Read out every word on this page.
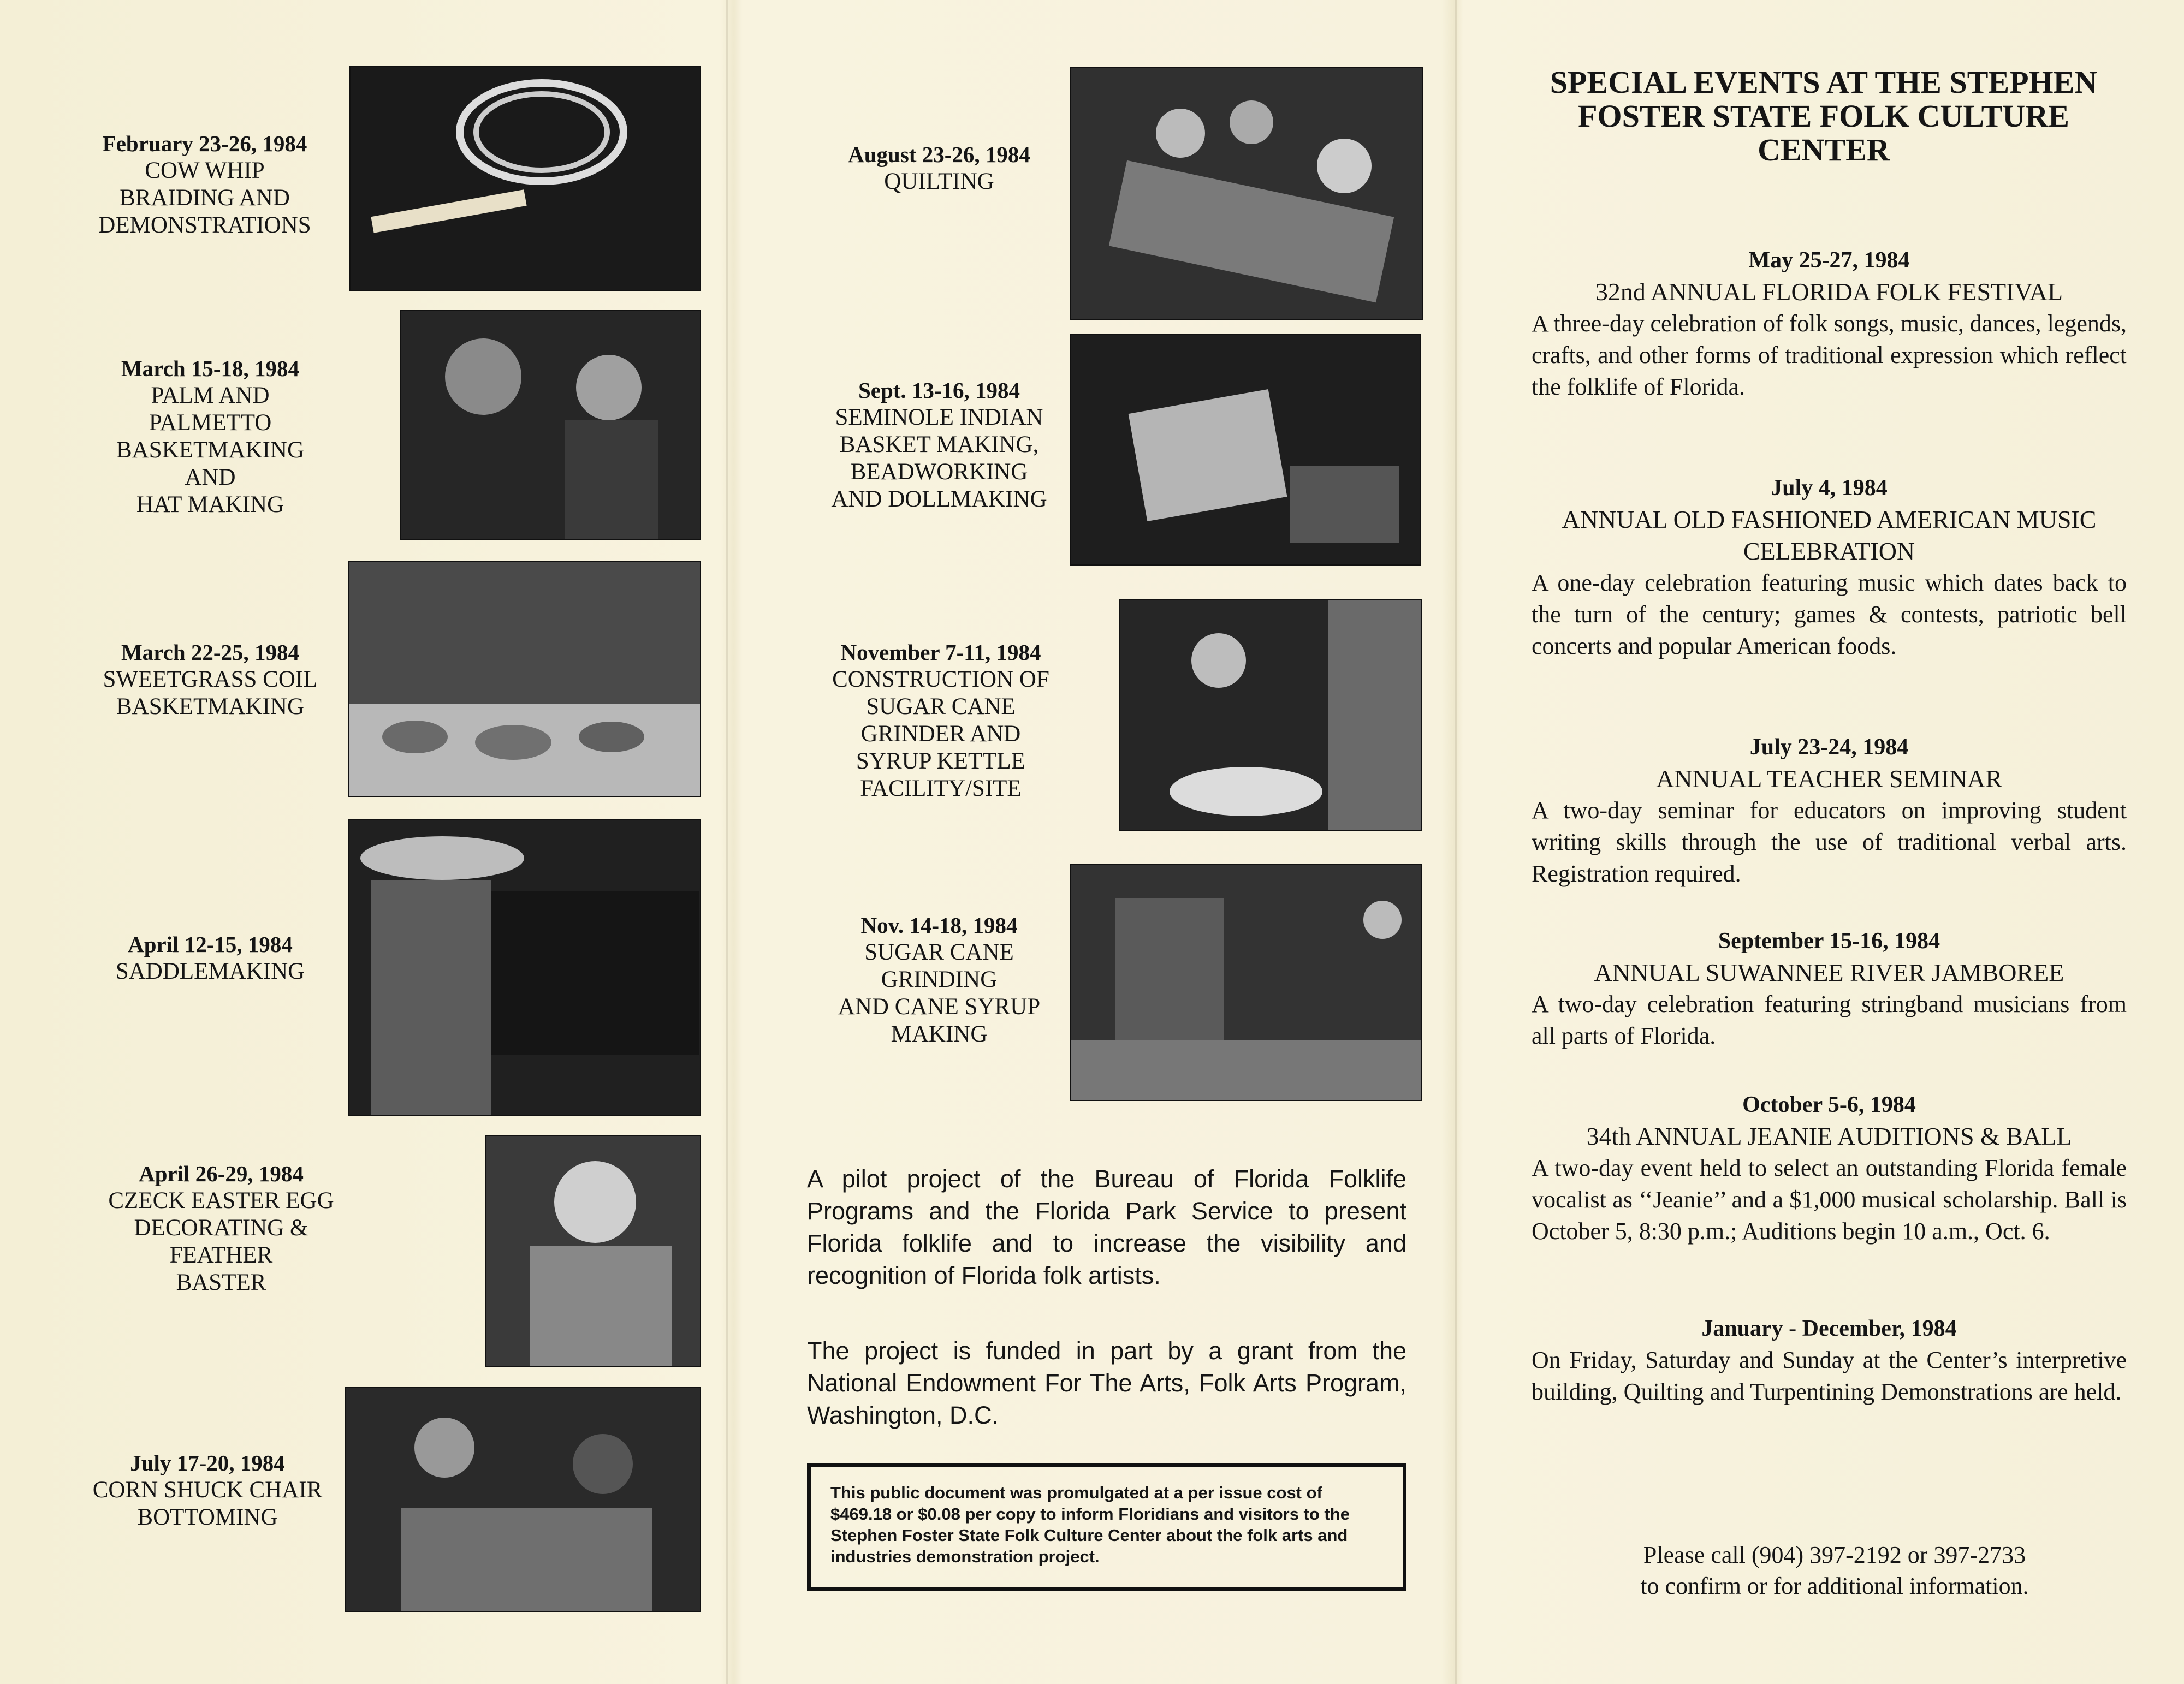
February 23-26, 1984
COW WHIP
BRAIDING AND
DEMONSTRATIONS
March 15-18, 1984
PALM AND
PALMETTO
BASKETMAKING
AND
HAT MAKING
March 22-25, 1984
SWEETGRASS COIL
BASKETMAKING
April 12-15, 1984
SADDLEMAKING
April 26-29, 1984
CZECK EASTER EGG
DECORATING &
FEATHER
BASTER
July 17-20, 1984
CORN SHUCK CHAIR
BOTTOMING
August 23-26, 1984
QUILTING
Sept. 13-16, 1984
SEMINOLE INDIAN
BASKET MAKING,
BEADWORKING
AND DOLLMAKING
November 7-11, 1984
CONSTRUCTION OF
SUGAR CANE
GRINDER AND
SYRUP KETTLE
FACILITY/SITE
Nov. 14-18, 1984
SUGAR CANE
GRINDING
AND CANE SYRUP
MAKING
A pilot project of the Bureau of Florida Folklife Programs and the Florida Park Service to present Florida folklife and to increase the visibility and recognition of Florida folk artists.
The project is funded in part by a grant from the National Endowment For The Arts, Folk Arts Program, Washington, D.C.
This public document was promulgated at a per issue cost of $469.18 or $0.08 per copy to inform Floridians and visitors to the Stephen Foster State Folk Culture Center about the folk arts and industries demonstration project.
SPECIAL EVENTS AT THE STEPHEN FOSTER STATE FOLK CULTURE CENTER
May 25-27, 1984
32nd ANNUAL FLORIDA FOLK FESTIVAL
A three-day celebration of folk songs, music, dances, legends, crafts, and other forms of traditional expression which reflect the folklife of Florida.
July 4, 1984
ANNUAL OLD FASHIONED AMERICAN MUSIC CELEBRATION
A one-day celebration featuring music which dates back to the turn of the century; games & contests, patriotic bell concerts and popular American foods.
July 23-24, 1984
ANNUAL TEACHER SEMINAR
A two-day seminar for educators on improving student writing skills through the use of traditional verbal arts. Registration required.
September 15-16, 1984
ANNUAL SUWANNEE RIVER JAMBOREE
A two-day celebration featuring stringband musicians from all parts of Florida.
October 5-6, 1984
34th ANNUAL JEANIE AUDITIONS & BALL
A two-day event held to select an outstanding Florida female vocalist as ‘‘Jeanie’’ and a $1,000 musical scholarship. Ball is October 5, 8:30 p.m.; Auditions begin 10 a.m., Oct. 6.
January - December, 1984
On Friday, Saturday and Sunday at the Center’s interpretive building, Quilting and Turpentining Demonstrations are held.
Please call (904) 397-2192 or 397-2733
to confirm or for additional information.
